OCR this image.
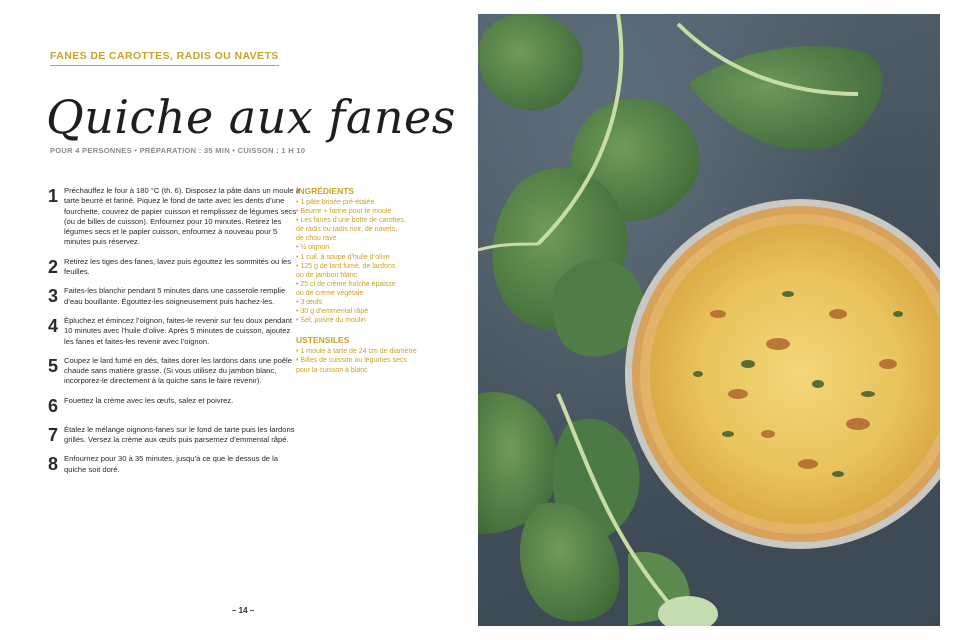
FANES DE CAROTTES, RADIS OU NAVETS
Quiche aux fanes
POUR 4 PERSONNES • PRÉPARATION : 35 MIN • CUISSON : 1 H 10
1 Préchauffez le four à 180 °C (th. 6). Disposez la pâte dans un moule à tarte beurré et fariné. Piquez le fond de tarte avec les dents d’une fourchette, couvrez de papier cuisson et remplissez de légumes secs (ou de billes de cuisson). Enfournez pour 10 minutes. Retirez les légumes secs et le papier cuisson, enfournez à nouveau pour 5 minutes puis réservez.
2 Retirez les tiges des fanes, lavez puis égouttez les sommités ou les feuilles.
3 Faites-les blanchir pendant 5 minutes dans une casserole remplie d’eau bouillante. Égouttez-les soigneusement puis hachez-les.
4 Épluchez et émincez l’oignon, faites-le revenir sur feu doux pendant 10 minutes avec l’huile d’olive. Après 5 minutes de cuisson, ajoutez les fanes et faites-les revenir avec l’oignon.
5 Coupez le lard fumé en dés, faites dorer les lardons dans une poêle chaude sans matière grasse. (Si vous utilisez du jambon blanc, incorporez-le directement à la quiche sans le faire revenir).
6 Fouettez la crème avec les œufs, salez et poivrez.
7 Étalez le mélange oignons-fanes sur le fond de tarte puis les lardons grillés. Versez la crème aux œufs puis parsemez d’emmental râpé.
8 Enfournez pour 30 à 35 minutes, jusqu’à ce que le dessus de la quiche soit doré.
INGRÉDIENTS
• 1 pâte brisée pré-étalée
• Beurre + farine pour le moule
• Les fanes d’une botte de carottes,
de radis ou radis noir, de navets,
de chou rave
• ½ oignon
• 1 cuil. à soupe d’huile d’olive
• 125 g de lard fumé, de lardons
ou de jambon blanc
• 25 cl de crème fraîche épaisse
ou de crème végétale
• 3 œufs
• 30 g d’emmental râpé
• Sel, poivre du moulin
USTENSILES
• 1 moule à tarte de 24 cm de diamètre
• Billes de cuisson ou légumes secs
pour la cuisson à blanc
– 14 –
